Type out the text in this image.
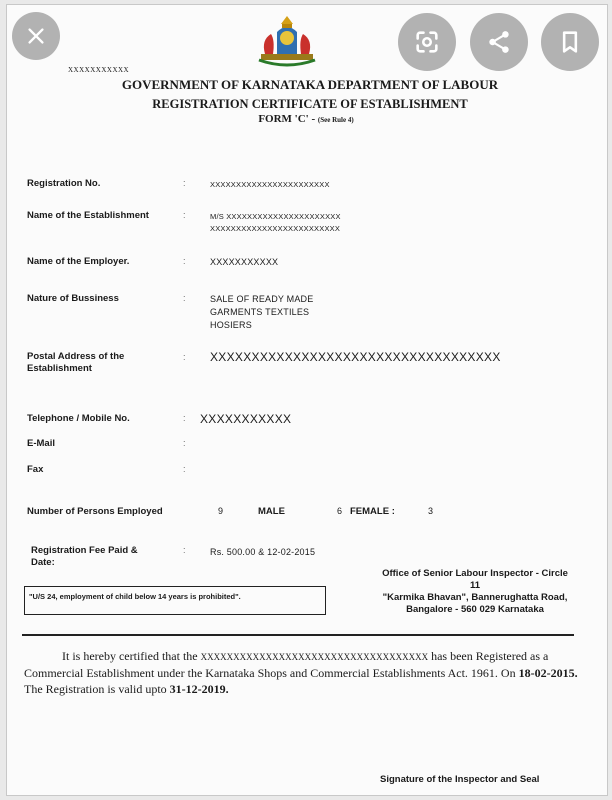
XXXXXXXXXXX
GOVERNMENT OF KARNATAKA DEPARTMENT OF LABOUR
REGISTRATION CERTIFICATE OF ESTABLISHMENT
FORM 'C' - (See Rule 4)
Registration No.	:	XXXXXXXXXXXXXXXXXXXXXXX
Name of the Establishment	:	M/S XXXXXXXXXXXXXXXXXXXXXX
XXXXXXXXXXXXXXXXXXXXXXXXX
Name of the Employer.	:	XXXXXXXXXXX
Nature of Bussiness	:	SALE OF READY MADE
GARMENTS TEXTILES
HOSIERS
Postal Address of the
Establishment
: XXXXXXXXXXXXXXXXXXXXXXXXXXXXXXXXXXX
Telephone / Mobile No.	: XXXXXXXXXXX
E-Mail	:
Fax	:
Number of Persons Employed	9	MALE	6 FEMALE :	3
Registration Fee Paid &
Date:
:	Rs. 500.00 & 12-02-2015
"U/S 24, employment of child below 14 years is prohibited".
Office of Senior Labour Inspector - Circle
11
"Karmika Bhavan", Bannerughatta Road,
Bangalore - 560 029 Karnataka
It is hereby certified that the XXXXXXXXXXXXXXXXXXXXXXXXXXXXXXXXXXX has been Registered as a Commercial Establishment under the Karnataka Shops and Commercial Establishments Act. 1961. On 18-02-2015. The Registration is valid upto 31-12-2019.
Signature of the Inspector and Seal
